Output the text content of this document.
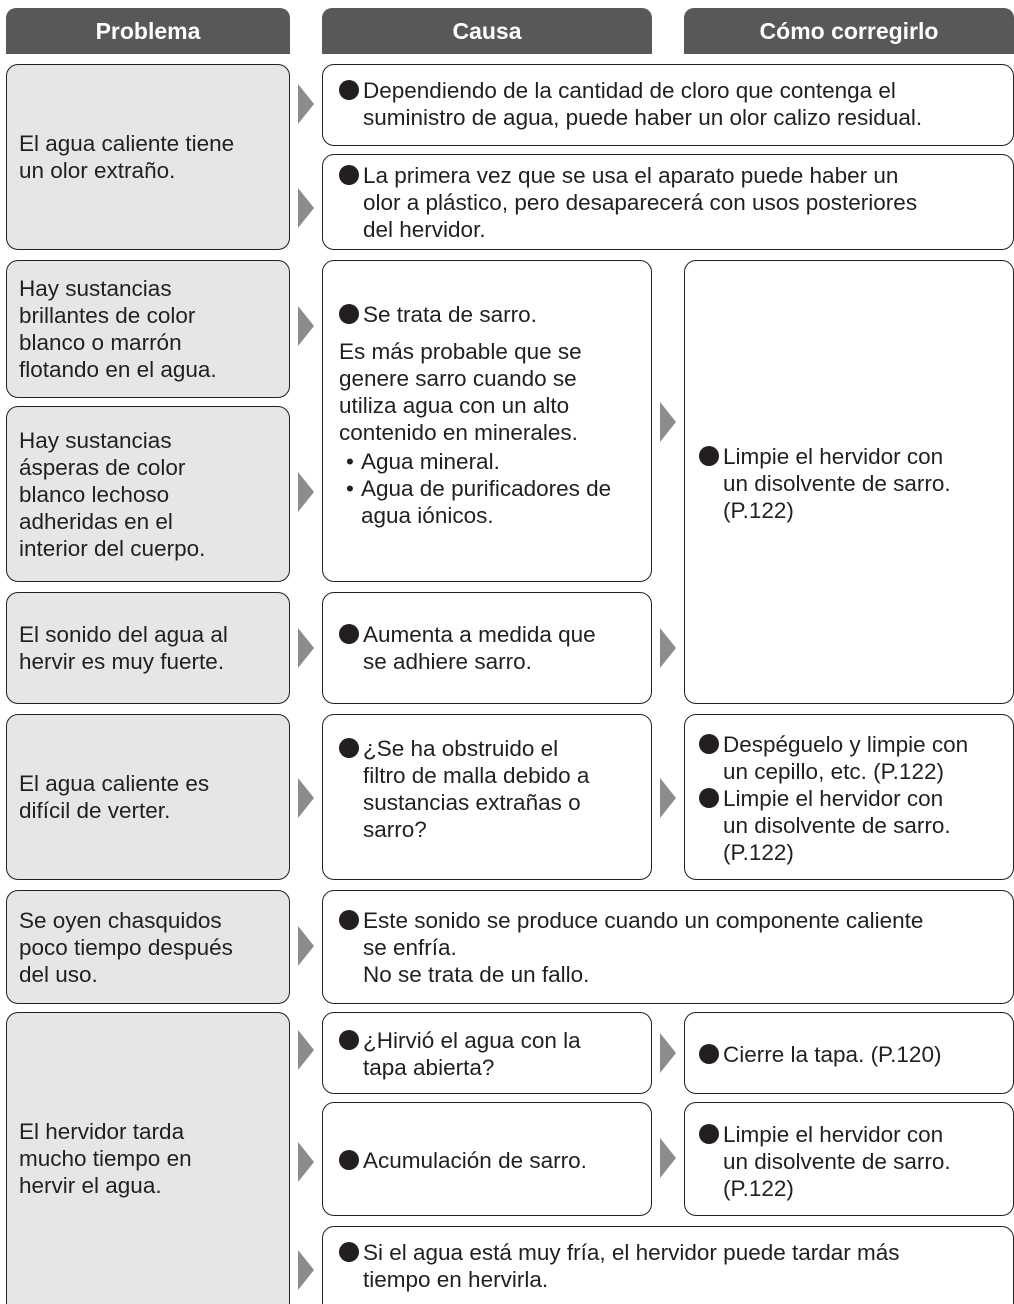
Problema	Causa	Cómo corregirlo
El agua caliente tiene
un olor extraño.
Dependiendo de la cantidad de cloro que contenga el
suministro de agua, puede haber un olor calizo residual.
La primera vez que se usa el aparato puede haber un
olor a plástico, pero desaparecerá con usos posteriores
del hervidor.
Hay sustancias
brillantes de color
blanco o marrón
flotando en el agua.
Hay sustancias
ásperas de color
blanco lechoso
adheridas en el
interior del cuerpo.
Se trata de sarro.
Es más probable que se
genere sarro cuando se
utiliza agua con un alto
contenido en minerales.
• Agua mineral.
• Agua de purificadores de
agua iónicos.
Limpie el hervidor con
un disolvente de sarro.
(P.122)
El sonido del agua al
hervir es muy fuerte.
Aumenta a medida que
se adhiere sarro.
El agua caliente es
difícil de verter.
¿Se ha obstruido el
filtro de malla debido a
sustancias extrañas o
sarro?
Despéguelo y limpie con
un cepillo, etc. (P.122)
Limpie el hervidor con
un disolvente de sarro.
(P.122)
Se oyen chasquidos
poco tiempo después
del uso.
Este sonido se produce cuando un componente caliente
se enfría.
No se trata de un fallo.
El hervidor tarda
mucho tiempo en
hervir el agua.
¿Hirvió el agua con la
tapa abierta?
Cierre la tapa. (P.120)
Acumulación de sarro.
Limpie el hervidor con
un disolvente de sarro.
(P.122)
Si el agua está muy fría, el hervidor puede tardar más
tiempo en hervirla.
